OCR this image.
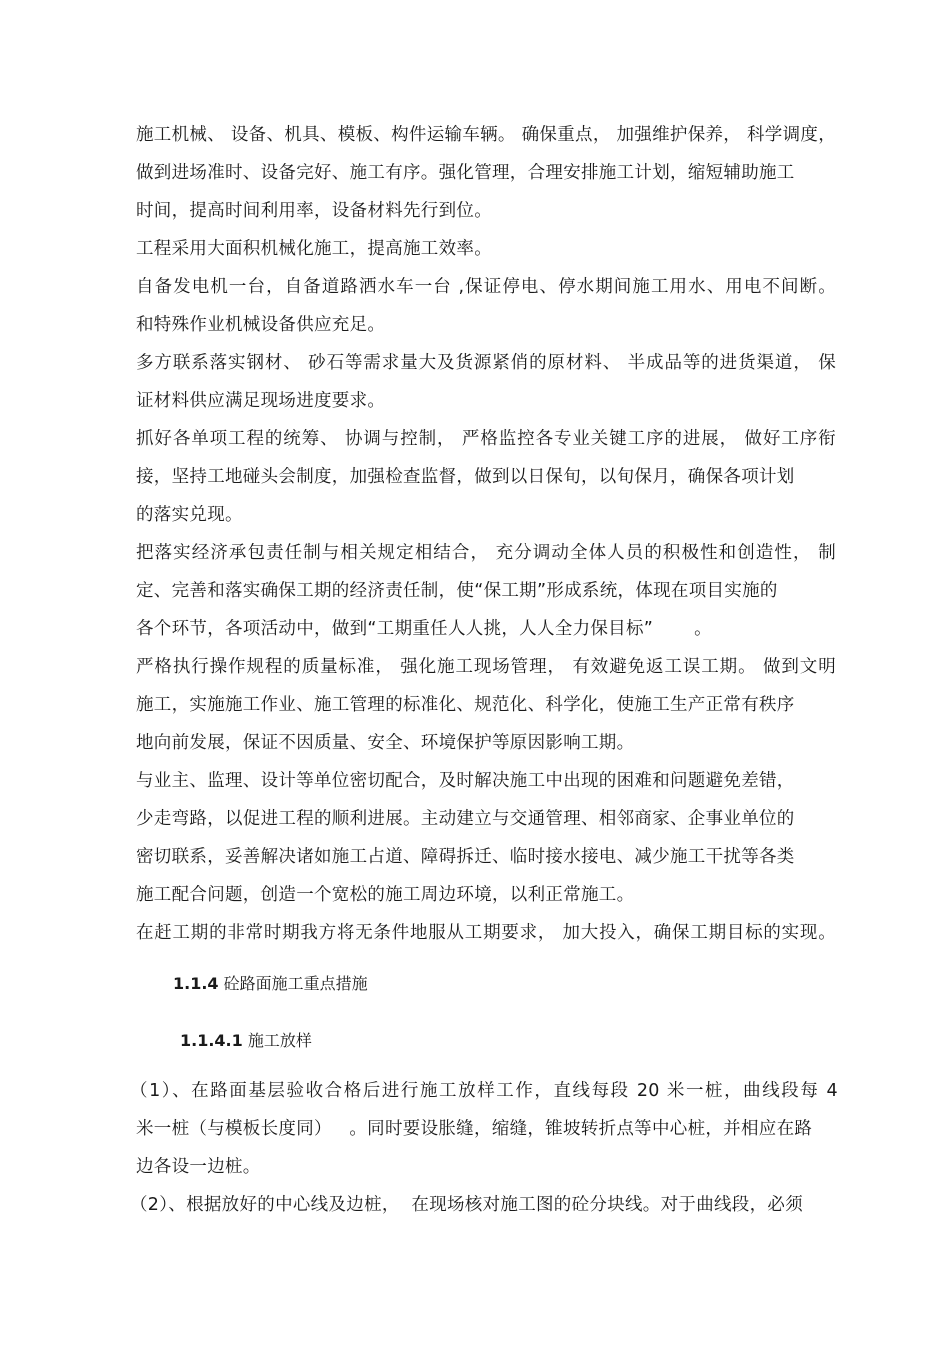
施工机械、 设备、机具、模板、构件运输车辆。 确保重点， 加强维护保养， 科学调度，
做到进场准时、设备完好、施工有序。强化管理，合理安排施工计划，缩短辅助施工
时间，提高时间利用率，设备材料先行到位。
工程采用大面积机械化施工，提高施工效率。
自备发电机一台，自备道路洒水车一台 ,保证停电、停水期间施工用水、用电不间断。
和特殊作业机械设备供应充足。
多方联系落实钢材、 砂石等需求量大及货源紧俏的原材料、 半成品等的进货渠道， 保
证材料供应满足现场进度要求。
抓好各单项工程的统筹、 协调与控制， 严格监控各专业关键工序的进展， 做好工序衔
接，坚持工地碰头会制度，加强检查监督，做到以日保旬，以旬保月，确保各项计划
的落实兑现。
把落实经济承包责任制与相关规定相结合， 充分调动全体人员的积极性和创造性， 制
定、完善和落实确保工期的经济责任制，使“保工期”形成系统，体现在项目实施的
各个环节，各项活动中，做到“工期重任人人挑，人人全力保目标”       。
严格执行操作规程的质量标准， 强化施工现场管理， 有效避免返工误工期。 做到文明
施工，实施施工作业、施工管理的标准化、规范化、科学化，使施工生产正常有秩序
地向前发展，保证不因质量、安全、环境保护等原因影响工期。
与业主、监理、设计等单位密切配合，及时解决施工中出现的困难和问题避免差错，
少走弯路，以促进工程的顺利进展。主动建立与交通管理、相邻商家、企事业单位的
密切联系，妥善解决诸如施工占道、障碍拆迁、临时接水接电、减少施工干扰等各类
施工配合问题，创造一个宽松的施工周边环境，以利正常施工。
在赶工期的非常时期我方将无条件地服从工期要求， 加大投入，确保工期目标的实现。
1.1.4 砼路面施工重点措施
1.1.4.1 施工放样
（1）、在路面基层验收合格后进行施工放样工作，直线每段 20 米一桩，曲线段每 4
米一桩（与模板长度同）   。同时要设胀缝，缩缝，锥坡转折点等中心桩，并相应在路
边各设一边桩。
（2）、根据放好的中心线及边桩，  在现场核对施工图的砼分块线。对于曲线段，必须
